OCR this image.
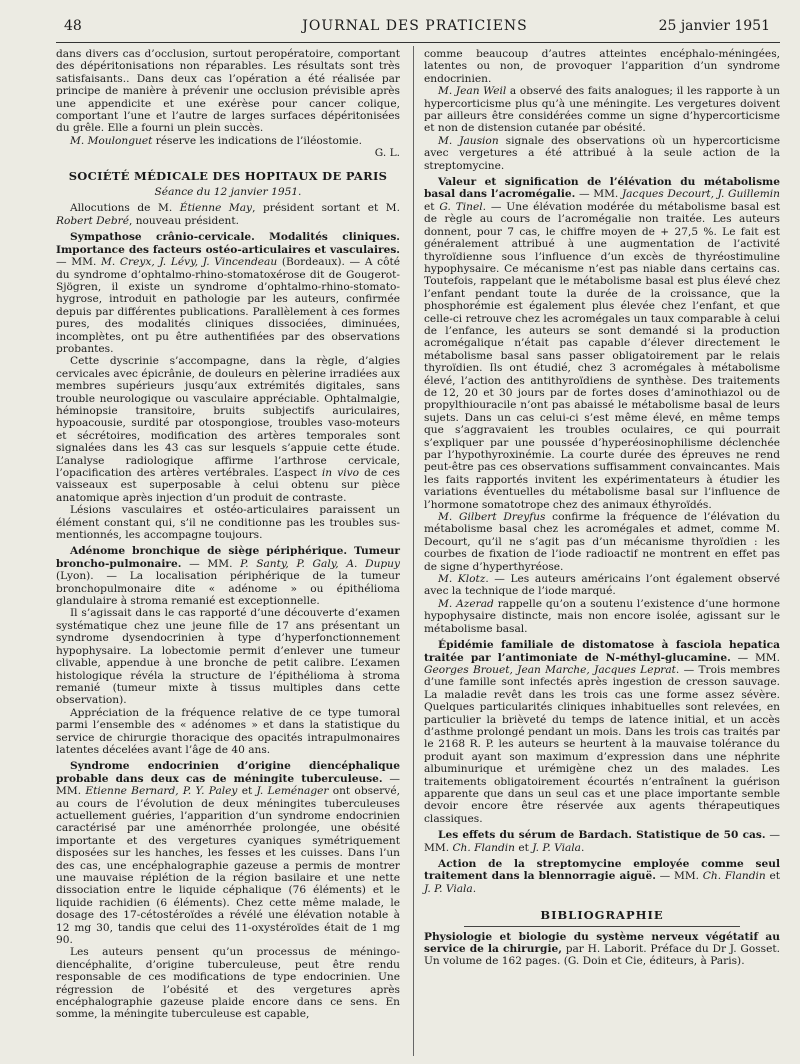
48	JOURNAL DES PRATICIENS	25 janvier 1951

dans divers cas d’occlusion, surtout peropératoire, comportant des dépéritonisations non réparables. Les résultats sont très satisfaisants.. Dans deux cas l’opération a été réalisée par principe de manière à prévenir une occlusion prévisible après une appendicite et une exérèse pour cancer colique, comportant l’une et l’autre de larges surfaces dépéritonisées du grêle. Elle a fourni un plein succès.

M. Moulonguet réserve les indications de l’iléostomie.

G. L.

SOCIÉTÉ MÉDICALE DES HOPITAUX DE PARIS
Séance du 12 janvier 1951.

Allocutions de M. Étienne May, président sortant et M. Robert Debré, nouveau président.

Sympathose crânio-cervicale. Modalités cliniques. Importance des facteurs ostéo-articulaires et vasculaires. — MM. M. Creyx, J. Lévy, J. Vincendeau (Bordeaux). — A côté du syndrome d’ophtalmo-rhino-stomatoxérose dit de Gougerot-Sjögren, il existe un syndrome d’ophtalmo-rhino-stomato-hygrose, introduit en pathologie par les auteurs, confirmée depuis par différentes publications. Parallèlement à ces formes pures, des modalités cliniques dissociées, diminuées, incomplètes, ont pu être authentifiées par des observations probantes.

Cette dyscrinie s’accompagne, dans la règle, d’algies cervicales avec épicrânie, de douleurs en pèlerine irradiées aux membres supérieurs jusqu’aux extrémités digitales, sans trouble neurologique ou vasculaire appréciable. Ophtalmalgie, héminopsie transitoire, bruits subjectifs auriculaires, hypoacousie, surdité par otospongiose, troubles vaso-moteurs et sécrétoires, modification des artères temporales sont signalées dans les 43 cas sur lesquels s’appuie cette étude. L’analyse radiologique affirme l’arthrose cervicale, l’opacification des artères vertébrales. L’aspect in vivo de ces vaisseaux est superposable à celui obtenu sur pièce anatomique après injection d’un produit de contraste.

Lésions vasculaires et ostéo-articulaires paraissent un élément constant qui, s’il ne conditionne pas les troubles sus-mentionnés, les accompagne toujours.

Adénome bronchique de siège périphérique. Tumeur broncho-pulmonaire. — MM. P. Santy, P. Galy, A. Dupuy (Lyon). — La localisation périphérique de la tumeur bronchopulmonaire dite « adénome » ou épithélioma glandulaire à stroma remanié est exceptionnelle.

Il s’agissait dans le cas rapporté d’une découverte d’examen systématique chez une jeune fille de 17 ans présentant un syndrome dysendocrinien à type d’hyperfonctionnement hypophysaire. La lobectomie permit d’enlever une tumeur clivable, appendue à une bronche de petit calibre. L’examen histologique révéla la structure de l’épithélioma à stroma remanié (tumeur mixte à tissus multiples dans cette observation).

Appréciation de la fréquence relative de ce type tumoral parmi l’ensemble des « adénomes » et dans la statistique du service de chirurgie thoracique des opacités intrapulmonaires latentes décelées avant l’âge de 40 ans.

Syndrome endocrinien d’origine diencéphalique probable dans deux cas de méningite tuberculeuse. — MM. Etienne Bernard, P. Y. Paley et J. Leménager ont observé, au cours de l’évolution de deux méningites tuberculeuses actuellement guéries, l’apparition d’un syndrome endocrinien caractérisé par une aménorrhée prolongée, une obésité importante et des vergetures cyaniques symétriquement disposées sur les hanches, les fesses et les cuisses. Dans l’un des cas, une encéphalographie gazeuse a permis de montrer une mauvaise réplétion de la région basilaire et une nette dissociation entre le liquide céphalique (76 éléments) et le liquide rachidien (6 éléments). Chez cette même malade, le dosage des 17-cétostéroïdes a révélé une élévation notable à 12 mg 30, tandis que celui des 11-oxystéroïdes était de 1 mg 90.

Les auteurs pensent qu’un processus de méningo-diencéphalite, d’origine tuberculeuse, peut être rendu responsable de ces modifications de type endocrinien. Une régression de l’obésité et des vergetures après encéphalographie gazeuse plaide encore dans ce sens. En somme, la méningite tuberculeuse est capable,

comme beaucoup d’autres atteintes encéphalo-méningées, latentes ou non, de provoquer l’apparition d’un syndrome endocrinien.

M. Jean Weil a observé des faits analogues; il les rapporte à un hypercorticisme plus qu’à une méningite. Les vergetures doivent par ailleurs être considérées comme un signe d’hypercorticisme et non de distension cutanée par obésité.

M. Jausion signale des observations où un hypercorticisme avec vergetures a été attribué à la seule action de la streptomycine.

Valeur et signification de l’élévation du métabolisme basal dans l’acromégalie. — MM. Jacques Decourt, J. Guillemin et G. Tinel. — Une élévation modérée du métabolisme basal est de règle au cours de l’acromégalie non traitée. Les auteurs donnent, pour 7 cas, le chiffre moyen de + 27,5 %. Le fait est généralement attribué à une augmentation de l’activité thyroïdienne sous l’influence d’un excès de thyréostimuline hypophysaire. Ce mécanisme n’est pas niable dans certains cas. Toutefois, rappelant que le métabolisme basal est plus élevé chez l’enfant pendant toute la durée de la croissance, que la phosphorémie est également plus élevée chez l’enfant, et que celle-ci retrouve chez les acromégales un taux comparable à celui de l’enfance, les auteurs se sont demandé si la production acromégalique n’était pas capable d’élever directement le métabolisme basal sans passer obligatoirement par le relais thyroïdien. Ils ont étudié, chez 3 acromégales à métabolisme élevé, l’action des antithyroïdiens de synthèse. Des traitements de 12, 20 et 30 jours par de fortes doses d’aminothiazol ou de propylthiouracile n’ont pas abaissé le métabolisme basal de leurs sujets. Dans un cas celui-ci s’est même élevé, en même temps que s’aggravaient les troubles oculaires, ce qui pourrait s’expliquer par une poussée d’hyperéosinophilisme déclenchée par l’hypothyroxinémie. La courte durée des épreuves ne rend peut-être pas ces observations suffisamment convaincantes. Mais les faits rapportés invitent les expérimentateurs à étudier les variations éventuelles du métabolisme basal sur l’influence de l’hormone somatotrope chez des animaux éthyroïdés.

M. Gilbert Dreyfus confirme la fréquence de l’élévation du métabolisme basal chez les acromégales et admet, comme M. Decourt, qu’il ne s’agit pas d’un mécanisme thyroïdien : les courbes de fixation de l’iode radioactif ne montrent en effet pas de signe d’hyperthyréose.

M. Klotz. — Les auteurs américains l’ont également observé avec la technique de l’iode marqué.

M. Azerad rappelle qu’on a soutenu l’existence d’une hormone hypophysaire distincte, mais non encore isolée, agissant sur le métabolisme basal.

Épidémie familiale de distomatose à fasciola hepatica traitée par l’antimoniate de N-méthyl-glucamine. — MM. Georges Brouet, Jean Marche, Jacques Leprat. — Trois membres d’une famille sont infectés après ingestion de cresson sauvage. La maladie revêt dans les trois cas une forme assez sévère. Quelques particularités cliniques inhabituelles sont relevées, en particulier la brièveté du temps de latence initial, et un accès d’asthme prolongé pendant un mois. Dans les trois cas traités par le 2168 R. P. les auteurs se heurtent à la mauvaise tolérance du produit ayant son maximum d’expression dans une néphrite albuminurique et urémigène chez un des malades. Les traitements obligatoirement écourtés n’entraînent la guérison apparente que dans un seul cas et une place importante semble devoir encore être réservée aux agents thérapeutiques classiques.

Les effets du sérum de Bardach. Statistique de 50 cas. — MM. Ch. Flandin et J. P. Viala.

Action de la streptomycine employée comme seul traitement dans la blennorragie aiguë. — MM. Ch. Flandin et J. P. Viala.

BIBLIOGRAPHIE

Physiologie et biologie du système nerveux végétatif au service de la chirurgie, par H. Laborit. Préface du Dr J. Gosset. Un volume de 162 pages. (G. Doin et Cie, éditeurs, à Paris).
